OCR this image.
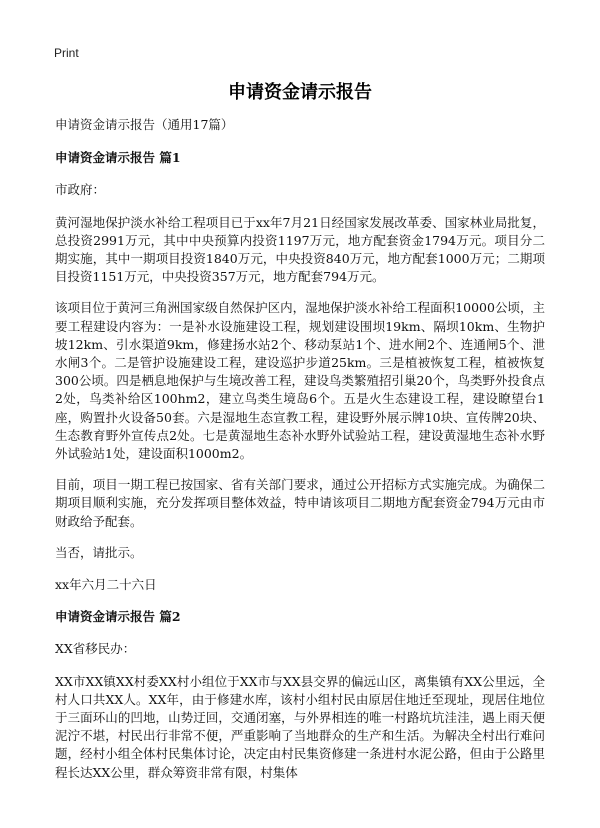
Print
申请资金请示报告

申请资金请示报告（通用17篇）

申请资金请示报告 篇1

市政府：

黄河湿地保护淡水补给工程项目已于xx年7月21日经国家发展改革委、国家林业局批复，总投资2991万元，其中中央预算内投资1197万元，地方配套资金1794万元。项目分二期实施，其中一期项目投资1840万元，中央投资840万元，地方配套1000万元；二期项目投资1151万元，中央投资357万元，地方配套794万元。

该项目位于黄河三角洲国家级自然保护区内，湿地保护淡水补给工程面积10000公顷，主要工程建设内容为：一是补水设施建设工程，规划建设围坝19km、隔坝10km、生物护坡12km、引水渠道9km，修建扬水站2个、移动泵站1个、进水闸2个、连通闸5个、泄水闸3个。二是管护设施建设工程，建设巡护步道25km。三是植被恢复工程，植被恢复300公顷。四是栖息地保护与生境改善工程，建设鸟类繁殖招引巢20个，鸟类野外投食点2处，鸟类补给区100hm2，建立鸟类生境岛6个。五是火生态建设工程，建设瞭望台1座，购置扑火设备50套。六是湿地生态宣教工程，建设野外展示牌10块、宣传牌20块、生态教育野外宣传点2处。七是黄湿地生态补水野外试验站工程，建设黄湿地生态补水野外试验站1处，建设面积1000m2。

目前，项目一期工程已按国家、省有关部门要求，通过公开招标方式实施完成。为确保二期项目顺利实施，充分发挥项目整体效益，特申请该项目二期地方配套资金794万元由市财政给予配套。

当否，请批示。

xx年六月二十六日

申请资金请示报告 篇2

XX省移民办：

XX市XX镇XX村委XX村小组位于XX市与XX县交界的偏远山区，离集镇有XX公里远，全村人口共XX人。XX年，由于修建水库，该村小组村民由原居住地迁至现址，现居住地位于三面环山的凹地，山势迂回，交通闭塞，与外界相连的唯一村路坑坑洼洼，遇上雨天便泥泞不堪，村民出行非常不便，严重影响了当地群众的生产和生活。为解决全村出行难问题，经村小组全体村民集体讨论，决定由村民集资修建一条进村水泥公路，但由于公路里程长达XX公里，群众筹资非常有限，村集体
